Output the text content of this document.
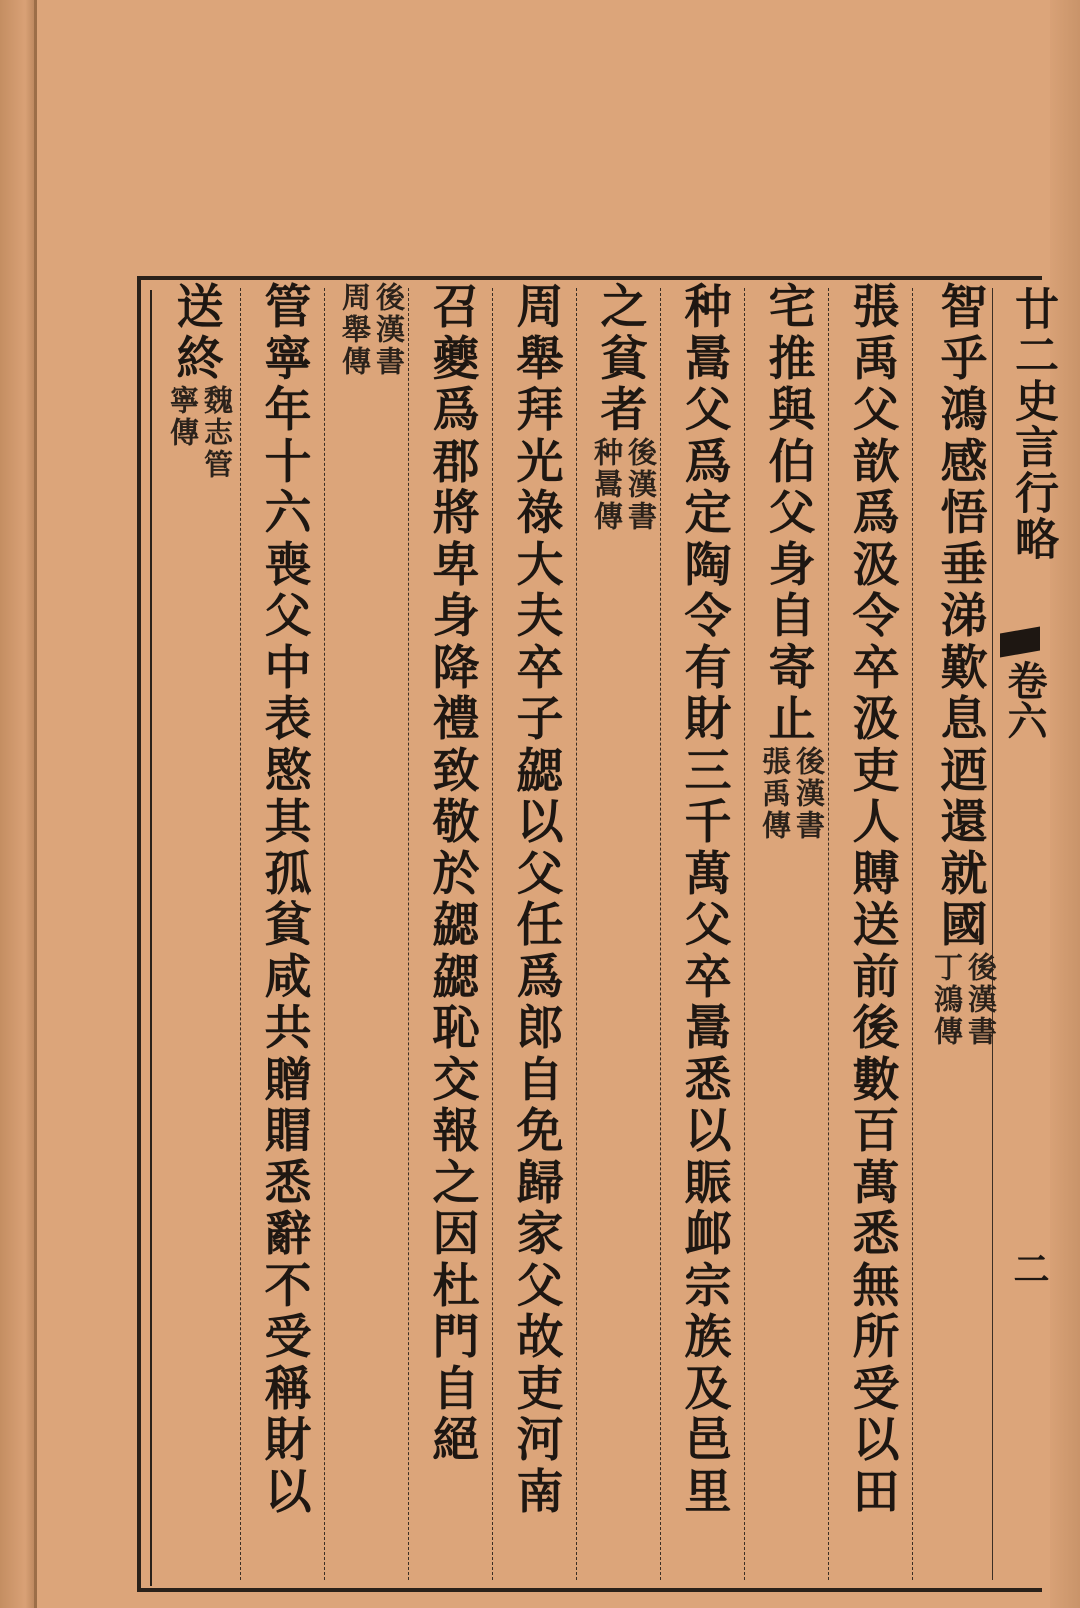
廿二史言行略
卷六
二
智
乎
鴻
感
悟
垂
涕
歎
息
迺
還
就
國
後漢書
丁鴻傳
張
禹
父
歆
爲
汲
令
卒
汲
吏
人
賻
送
前
後
數
百
萬
悉
無
所
受
以
田
宅
推
與
伯
父
身
自
寄
止
後漢書
張禹傳
种
暠
父
爲
定
陶
令
有
財
三
千
萬
父
卒
暠
悉
以
賑
䘏
宗
族
及
邑
里
之
貧
者
後漢書
种暠傳
周
舉
拜
光
祿
大
夫
卒
子
勰
以
父
任
爲
郎
自
免
歸
家
父
故
吏
河
南
召
夔
爲
郡
將
卑
身
降
禮
致
敬
於
勰
勰
恥
交
報
之
因
杜
門
自
絕
後漢書
周舉傳
管
寧
年
十
六
喪
父
中
表
愍
其
孤
貧
咸
共
贈
賵
悉
辭
不
受
稱
財
以
送
終
魏志管
寧傳
